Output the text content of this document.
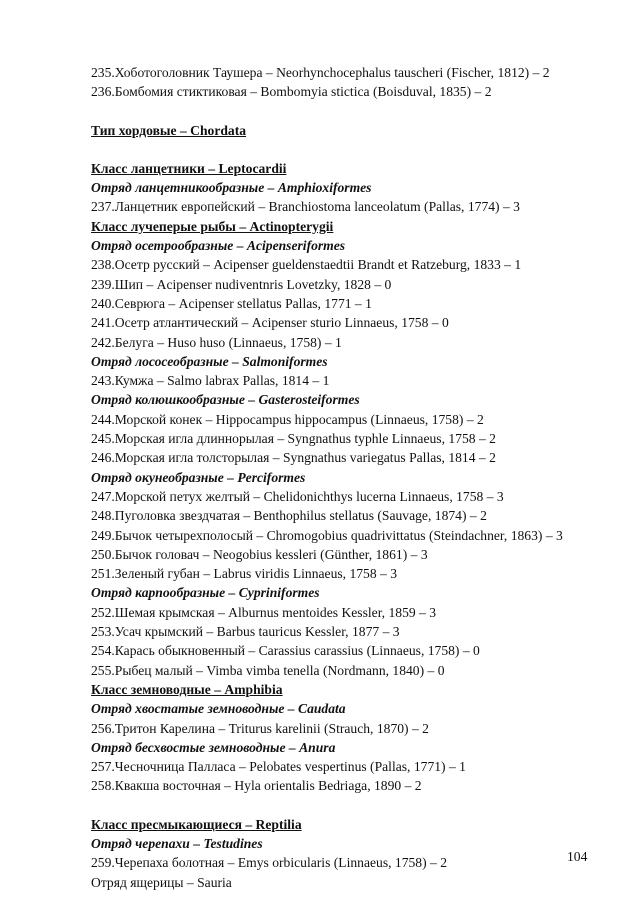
235.Хоботоголовник Таушера – Neorhynchocephalus tauscheri (Fischer, 1812) – 2
236.Бомбомия стиктиковая – Bombomyia stictica (Boisduval, 1835) – 2
Тип хордовые – Chordata
Класс ланцетники – Leptocardii
Отряд ланцетникообразные – Amphioxiformes
237.Ланцетник европейский – Branchiostoma lanceolatum (Pallas, 1774) – 3
Класс лучеперые рыбы – Actinopterygii
Отряд осетрообразные – Acipenseriformes
238.Осетр русский – Acipenser gueldenstaedtii Brandt et Ratzeburg, 1833 – 1
239.Шип – Acipenser nudiventnris Lovetzky, 1828 – 0
240.Севрюга – Acipenser stellatus Pallas, 1771 – 1
241.Осетр атлантический – Acipenser sturio Linnaeus, 1758 – 0
242.Белуга – Huso huso (Linnaeus, 1758) – 1
Отряд лососеобразные – Salmoniformes
243.Кумжа – Salmo labrax Pallas, 1814 – 1
Отряд колюшкообразные – Gasterosteiformes
244.Морской конек – Hippocampus hippocampus (Linnaeus, 1758) – 2
245.Морская игла длиннорылая – Syngnathus typhle Linnaeus, 1758 – 2
246.Морская игла толсторылая – Syngnathus variegatus Pallas, 1814 – 2
Отряд окунеобразные – Perciformes
247.Морской петух желтый – Chelidonichthys lucerna Linnaeus, 1758 – 3
248.Пуголовка звездчатая – Benthophilus stellatus (Sauvage, 1874) – 2
249.Бычок четырехполосый – Chromogobius quadrivittatus (Steindachner, 1863) – 3
250.Бычок головач – Neogobius kessleri (Günther, 1861) – 3
251.Зеленый губан – Labrus viridis Linnaeus, 1758 – 3
Отряд карпообразные – Cypriniformes
252.Шемая крымская – Alburnus mentoides Kessler, 1859 – 3
253.Усач крымский – Barbus tauricus Kessler, 1877 – 3
254.Карась обыкновенный – Carassius carassius (Linnaeus, 1758) – 0
255.Рыбец малый – Vimba vimba tenella (Nordmann, 1840) – 0
Класс земноводные – Amphibia
Отряд хвостатые земноводные – Caudata
256.Тритон Карелина – Triturus karelinii (Strauch, 1870) – 2
Отряд бесхвостые земноводные – Anura
257.Чесночница Палласа – Pelobates vespertinus (Pallas, 1771) – 1
258.Квакша восточная – Hyla orientalis Bedriaga, 1890 – 2
Класс пресмыкающиеся – Reptilia
Отряд черепахи – Testudines
259.Черепаха болотная – Emys orbicularis (Linnaeus, 1758) – 2
Отряд ящерицы – Sauria
104
